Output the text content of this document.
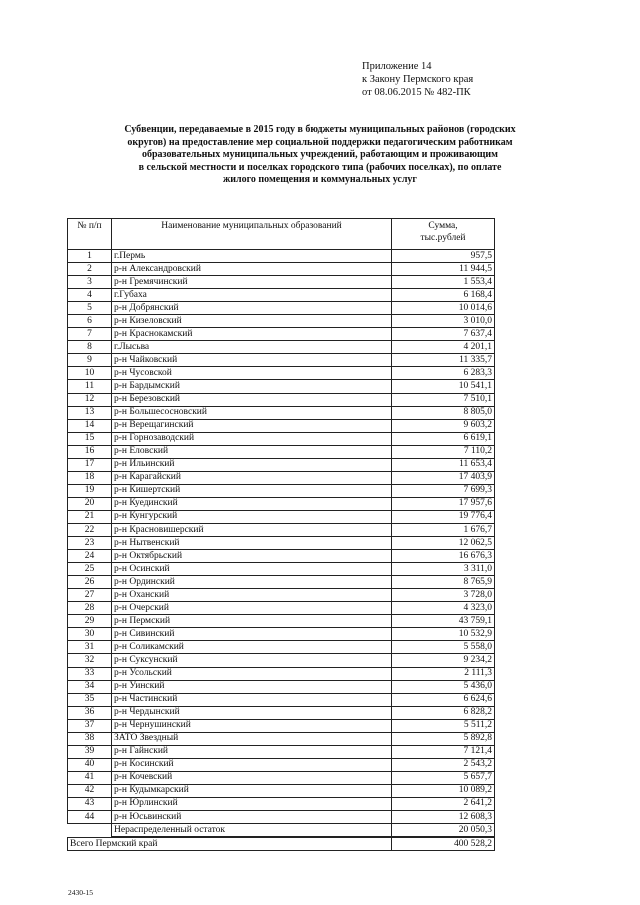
Приложение 14
к Закону Пермского края
от 08.06.2015 № 482-ПК
Субвенции, передаваемые в 2015 году в бюджеты муниципальных районов (городских
округов) на предоставление мер социальной поддержки педагогическим работникам
образовательных муниципальных учреждений, работающим и проживающим
в сельской местности и поселках городского типа (рабочих поселках), по оплате
жилого помещения и коммунальных услуг
№ п/п	Наименование муниципальных образований	Сумма, тыс.рублей
1	г.Пермь	957,5
2	р-н Александровский	11 944,5
3	р-н Гремячинский	1 553,4
4	г.Губаха	6 168,4
5	р-н Добрянский	10 014,6
6	р-н Кизеловский	3 010,0
7	р-н Краснокамский	7 637,4
8	г.Лысьва	4 201,1
9	р-н Чайковский	11 335,7
10	р-н Чусовской	6 283,3
11	р-н Бардымский	10 541,1
12	р-н Березовский	7 510,1
13	р-н Большесосновский	8 805,0
14	р-н Верещагинский	9 603,2
15	р-н Горнозаводский	6 619,1
16	р-н Еловский	7 110,2
17	р-н Ильинский	11 653,4
18	р-н Карагайский	17 403,9
19	р-н Кишертский	7 699,3
20	р-н Куединский	17 957,6
21	р-н Кунгурский	19 776,4
22	р-н Красновишерский	1 676,7
23	р-н Нытвенский	12 062,5
24	р-н Октябрьский	16 676,3
25	р-н Осинский	3 311,0
26	р-н Ординский	8 765,9
27	р-н Оханский	3 728,0
28	р-н Очерский	4 323,0
29	р-н Пермский	43 759,1
30	р-н Сивинский	10 532,9
31	р-н Соликамский	5 558,0
32	р-н Суксунский	9 234,2
33	р-н Усольский	2 111,3
34	р-н Уинский	5 436,0
35	р-н Частинский	6 624,6
36	р-н Чердынский	6 828,2
37	р-н Чернушинский	5 511,2
38	ЗАТО Звездный	5 892,8
39	р-н Гайнский	7 121,4
40	р-н Косинский	2 543,2
41	р-н Кочевский	5 657,7
42	р-н Кудымкарский	10 089,2
43	р-н Юрлинский	2 641,2
44	р-н Юсьвинский	12 608,3
	Нераспределенный остаток	20 050,3
Всего Пермский край	400 528,2
2430-15
